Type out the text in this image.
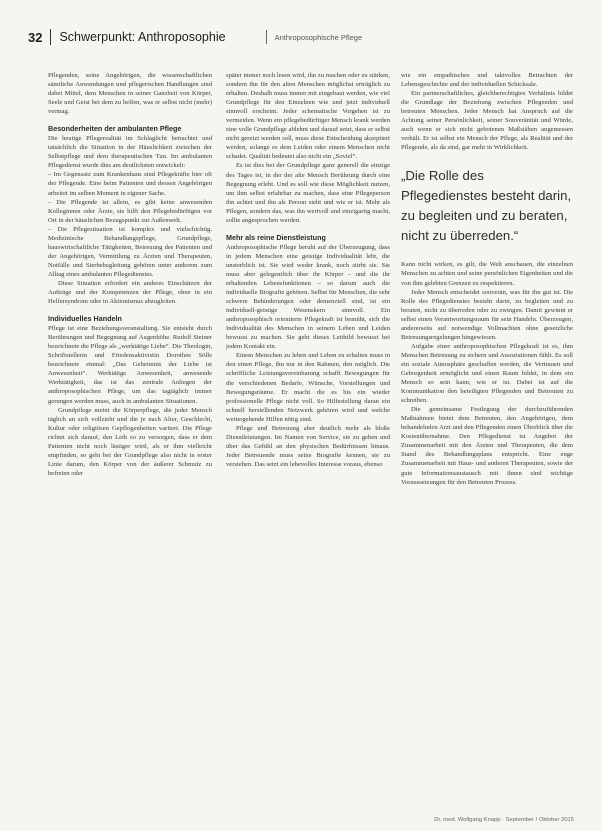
32 Schwerpunkt: Anthroposophie	Anthroposophische Pflege

Pflegenden, seine Angehörigen, die wissenschaftlichen sämtliche Anwendungen und pflegerischen Handlungen sind dabei Mittel, dem Menschen in seiner Ganzheit von Körper, Seele und Geist bei dem zu helfen, was er selbst nicht (mehr) vermag.

Besonderheiten der ambulanten Pflege

Die heutige Pflegerealität im Schlaglicht betrachtet und tatsächlich die Situation in der Häuslichkeit zwischen der Selbstpflege und dem therapeutischen Tun. Im ambulanten Pflegedienst wurde dies am deutlichsten entwickelt:

– Im Gegensatz zum Krankenhaus sind Pflegekräfte hier oft der Pflegende. Eine beim Patienten und dessen Angehörigen arbeitet im selben Moment in eigener Sache.

– Die Pflegende ist allein, es gibt keine anwesenden Kolleginnen oder Ärzte, sie hilft den Pflegebedürftigen vor Ort in der häuslichen Bezugspunkt zur Außenwelt.

– Die Pflegesituation ist komplex und vielschichtig. Medizinische Behandlungspflege, Grundpflege, hauswirtschaftliche Tätigkeiten, Betreuung des Patienten und der Angehörigen, Vermittlung zu Ärzten und Therapeuten, Notfälle und Sterbebegleitung gehören unter anderem zum Alltag eines ambulanten Pflegedienstes.

Diese Situation erfordert ein anderes Einschätzen der Aufträge und der Kompetenzen der Pflege, ohne in ein Helfersyndrom oder in Aktionismus abzugleiten.

Individuelles Handeln

Pflege ist eine Beziehungsveranstaltung. Sie entsteht durch Berührungen und Begegnung auf Augenhöhe. Rudolf Steiner bezeichnete die Pflege als „werktätige Liebe“. Die Theologin, Schriftstellerin und Friedensaktivistin Dorothee Sölle bezeichnete einmal: „Das Geheimnis der Liebe ist Anwesenheit“. Werktätige Anwesenheit, anwesende Werktätigkeit, das ist das zentrale Anliegen der anthroposophischen Pflege, um das tagtäglich immer gerungen werden muss, auch in ambulanten Situationen.

Grundpflege meint die Körperpflege, die jeder Mensch täglich an sich vollzieht und die je nach Alter, Geschlecht, Kultur oder religiösen Gepflogenheiten variiert. Die Pflege richtet sich darauf, den Leib so zu versorgen, dass er dem Patienten nicht noch lästiger wird, als er ihm vielleicht empfinden, so geht bei der Grundpflege also nicht in erster Linie darum, den Körper von der äußerer Schmutz zu befreien oder

später immer noch lesen wird, ihn zu machen oder zu stärken, sondern ihn für den alten Menschen möglichst erträglich zu erhalten. Deshalb muss immer mit eingebaut werden, wie viel Grundpflege für den Einzelnen wie und jetzt individuell sinnvoll erscheint. Jeder schematische Vorgehen ist zu vermeiden. Wenn ein pflegebedürftiger Mensch krank werden eine volle Grundpflege ablehnt und darauf setzt, dass er selbst nicht gereizt werden soll, muss diese Entscheidung akzeptiert werden, solange es dem Leiden oder einem Menschen nicht schadet. Qualität bedeutet also nicht ein „Soviel“.

Es ist dies bei der Grundpflege ganz generell die einzige des Tages ist, in der der alte Mensch Berührung durch eine Begegnung erlebt. Und es soll wie diese Möglichkeit nutzen, um ihm selbst erfahrbar zu machen, dass eine Pflegeperson ihn achtet und ihn als Person sieht und wie er ist. Mehr als Pflegen, sondern das, was ihn wertvoll und einzigartig macht, sollte angesprochen werden.

Mehr als reine Dienstleistung

Anthroposophische Pflege beruht auf der Überzeugung, dass in jedem Menschen eine geistige Individualität lebt, die unsterblich ist. Sie wird weder krank, noch stirbt sie. Sie muss aber gelegentlich über ihr Körper – und die ihr erhaltenden Lebensfunktionen – so darum auch die individuelle Biografie gehören. Selbst für Menschen, die sehr schwere Behinderungen oder demenziell sind, ist ein individuell-geistige Wesenskern sinnvoll. Ein anthroposophisch orientierte Pflegekraft ist bemüht, sich die Individualität des Menschen in seinem Leben und Leiden bewusst zu machen. Sie geht dieses Leitbild bewusst bei jedem Kontakt ein.

Einem Menschen zu leben und Leben zu erhalten muss in den einen Pflege, ihn nur in den Rahmen, den möglich. Die schriftliche Leistungsvereinbarung schafft Bewegungen für die verschiedenen Bedarfe, Wünsche, Vorstellungen und Bewegungsräume. Er macht die es bis ein wieder professionelle Pflege nicht voll. So Hilfestellung daran ein schnell herstellenden Netzwerk gehören wird und welche weitergehende Hilfen nötig sind.

Pflege und Betreuung aber deutlich mehr als bloße Dienstleistungen. Im Namen von Service, sie zu geben und über das Gefühl an den physischen Bedürfnissen hinaus. Jeder Betreuende muss seine Biografie kennen, sie zu verstehen. Das setzt ein lebevolles Interesse voraus, ebenso

wie ein empathisches und taktvolles Betrachten der Lebensgeschichte und der individuellen Schicksale.

Ein partnerschaftliches, gleichberechtigtes Verhältnis bildet die Grundlage der Beziehung zwischen Pflegenden und betreuten Menschen. Jeder Mensch hat Anspruch auf die Achtung seiner Persönlichkeit, seiner Souveränität und Würde, auch wenn er sich nicht gebotenen Maßstäben angemessen verhält. Er ist selbst ein Mensch der Pflege, als Realität und der Pflegende, als da sind, gar mehr in Wirklichkeit.

„Die Rolle des Pflegedienstes besteht darin, zu begleiten und zu beraten, nicht zu überreden.“

Kann nicht wirken, es gilt, die Welt anschauen, die einzelnen Menschen zu achten und seine persönlichen Eigenheiten und die von ihm gelebten Grenzen zu respektieren.

Jeder Mensch entscheidet souverän, was für ihn gut ist. Die Rolle des Pflegedienstes besteht darin, zu begleiten und zu beraten, nicht zu überreden oder zu zwingen. Damit gewinnt er selbst einen Verantwortungsraum für sein Handeln. Überzeugen, andererseits auf notwendige Vollmachten ohne gesetzliche Betreuungsregelungen hingewiesen.

Aufgabe einer anthroposophischen Pflegekraft ist es, ihm Menschen Betreuung zu sichern und Assoziationen fühlt. Es soll ein soziale Atmosphäre geschaffen werden, die Vertrauen und Geborgenheit ermöglicht und einen Raum bildet, in dem ein Mensch so sein kann, wie er ist. Dabei ist auf die Kommunikation den beteiligten Pflegenden und Betreuten zu schreiben.

Die gemeinsame Festlegung der durchzuführenden Maßnahmen bietet dem Betreuten, den Angehörigen, dem behandelnden Arzt und den Pflegenden einen Überblick über die Kostenübernahme. Den Pflegedienst ist Angebot der Zusammenarbeit mit den Ärzten und Therapeuten, die dem Stand des Behandlungsplans entspricht. Eine enge Zusammenarbeit mit Haus- und anderen Therapeuten, sowie der gute Informationsaustausch mit ihnen sind wichtige Voraussetzungen für den Betreuten Prozess.

Dr. med. Wolfgang Knapp · September / Oktober 2015
